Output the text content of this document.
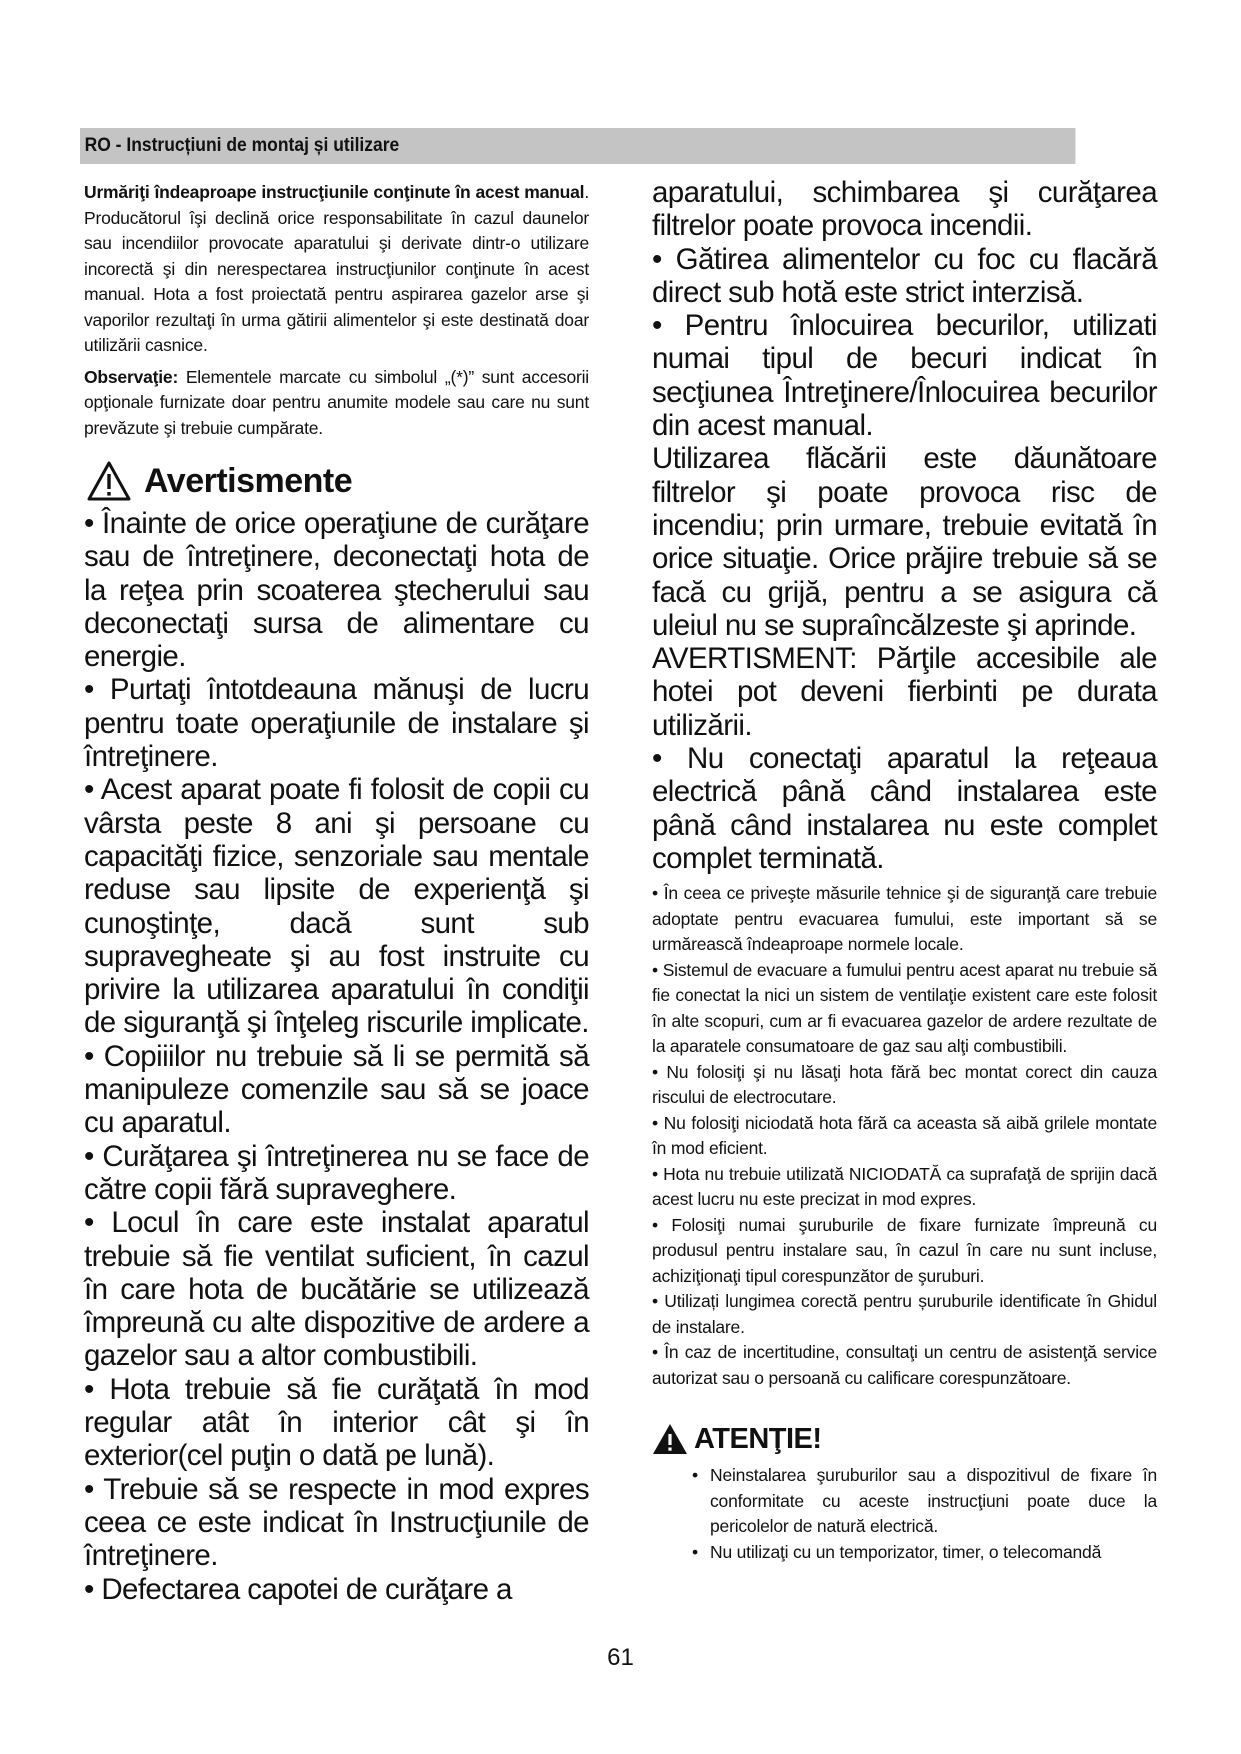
RO - Instrucțiuni de montaj și utilizare

Urmăriţi îndeaproape instrucţiunile conţinute în acest manual. Producătorul îşi declină orice responsabilitate în cazul daunelor sau incendiilor provocate aparatului şi derivate dintr-o utilizare incorectă şi din nerespectarea instrucţiunilor conţinute în acest manual. Hota a fost proiectată pentru aspirarea gazelor arse şi vaporilor rezultaţi în urma gătirii alimentelor şi este destinată doar utilizării casnice.

Observaţie: Elementele marcate cu simbolul „(*)” sunt accesorii opţionale furnizate doar pentru anumite modele sau care nu sunt prevăzute şi trebuie cumpărate.

Avertismente

• Înainte de orice operaţiune de curăţare sau de întreţinere, deconectaţi hota de la reţea prin scoaterea ştecherului sau deconectaţi sursa de alimentare cu energie.

• Purtaţi întotdeauna mănuşi de lucru pentru toate operaţiunile de instalare şi întreţinere.

• Acest aparat poate fi folosit de copii cu vârsta peste 8 ani şi persoane cu capacităţi fizice, senzoriale sau mentale reduse sau lipsite de experienţă şi cunoştinţe, dacă sunt sub supravegheate şi au fost instruite cu privire la utilizarea aparatului în condiţii de siguranţă şi înţeleg riscurile implicate.

• Copiiilor nu trebuie să li se permită să manipuleze comenzile sau să se joace cu aparatul.

• Curăţarea şi întreţinerea nu se face de către copii fără supraveghere.

• Locul în care este instalat aparatul trebuie să fie ventilat suficient, în cazul în care hota de bucătărie se utilizează împreună cu alte dispozitive de ardere a gazelor sau a altor combustibili.

• Hota trebuie să fie curăţată în mod regular atât în interior cât şi în exterior(cel puţin o dată pe lună).

• Trebuie să se respecte in mod expres ceea ce este indicat în Instrucţiunile de întreţinere.

• Defectarea capotei de curăţare a

aparatului, schimbarea şi curăţarea filtrelor poate provoca incendii.

• Gătirea alimentelor cu foc cu flacără direct sub hotă este strict interzisă.

• Pentru înlocuirea becurilor, utilizati numai tipul de becuri indicat în secţiunea Întreţinere/Înlocuirea becurilor din acest manual.

Utilizarea flăcării este dăunătoare filtrelor şi poate provoca risc de incendiu; prin urmare, trebuie evitată în orice situaţie. Orice prăjire trebuie să se facă cu grijă, pentru a se asigura că uleiul nu se supraîncălzeste şi aprinde.

AVERTISMENT: Părţile accesibile ale hotei pot deveni fierbinti pe durata utilizării.

• Nu conectaţi aparatul la reţeaua electrică până când instalarea este până când instalarea nu este complet complet terminată.

• În ceea ce priveşte măsurile tehnice şi de siguranţă care trebuie adoptate pentru evacuarea fumului, este important să se urmărească îndeaproape normele locale.

• Sistemul de evacuare a fumului pentru acest aparat nu trebuie să fie conectat la nici un sistem de ventilaţie existent care este folosit în alte scopuri, cum ar fi evacuarea gazelor de ardere rezultate de la aparatele consumatoare de gaz sau alţi combustibili.

• Nu folosiţi şi nu lăsaţi hota fără bec montat corect din cauza riscului de electrocutare.

• Nu folosiţi niciodată hota fără ca aceasta să aibă grilele montate în mod eficient.

• Hota nu trebuie utilizată NICIODATĂ ca suprafaţă de sprijin dacă acest lucru nu este precizat in mod expres.

• Folosiţi numai şuruburile de fixare furnizate împreună cu produsul pentru instalare sau, în cazul în care nu sunt incluse, achiziţionaţi tipul corespunzător de şuruburi.

• Utilizați lungimea corectă pentru șuruburile identificate în Ghidul de instalare.

• În caz de incertitudine, consultaţi un centru de asistenţă service autorizat sau o persoană cu calificare corespunzătoare.

ATENŢIE!
• Neinstalarea şuruburilor sau a dispozitivul de fixare în conformitate cu aceste instrucţiuni poate duce la pericolelor de natură electrică.
• Nu utilizaţi cu un temporizator, timer, o telecomandă
61
